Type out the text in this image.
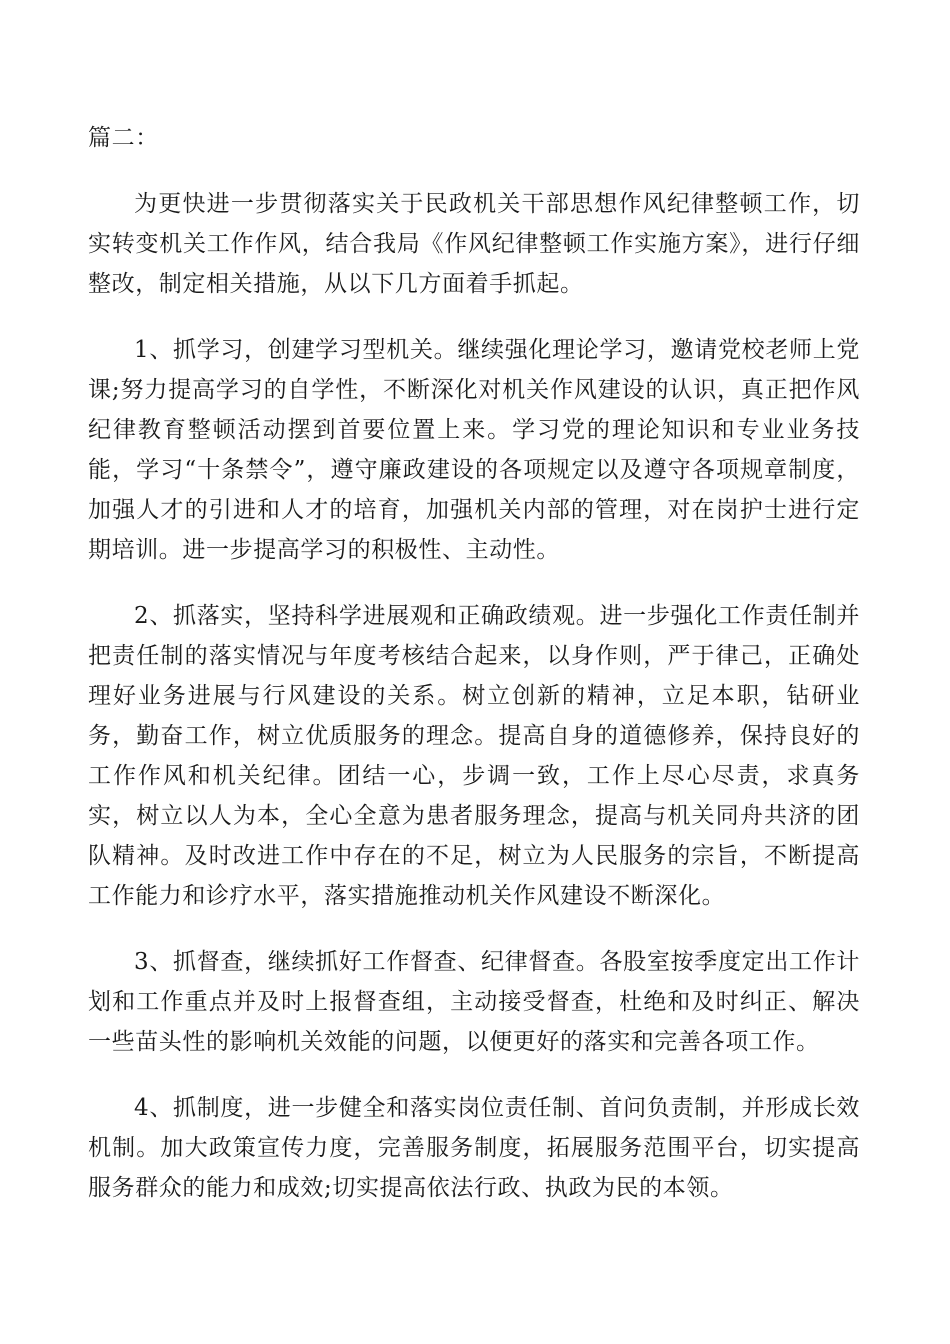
篇二：

为更快进一步贯彻落实关于民政机关干部思想作风纪律整顿工作，切实转变机关工作作风，结合我局《作风纪律整顿工作实施方案》，进行仔细整改，制定相关措施，从以下几方面着手抓起。

1、抓学习，创建学习型机关。继续强化理论学习，邀请党校老师上党课;努力提高学习的自学性，不断深化对机关作风建设的认识，真正把作风纪律教育整顿活动摆到首要位置上来。学习党的理论知识和专业业务技能，学习“十条禁令”，遵守廉政建设的各项规定以及遵守各项规章制度，加强人才的引进和人才的培育，加强机关内部的管理，对在岗护士进行定期培训。进一步提高学习的积极性、主动性。

2、抓落实，坚持科学进展观和正确政绩观。进一步强化工作责任制并把责任制的落实情况与年度考核结合起来，以身作则，严于律己，正确处理好业务进展与行风建设的关系。树立创新的精神，立足本职，钻研业务，勤奋工作，树立优质服务的理念。提高自身的道德修养，保持良好的工作作风和机关纪律。团结一心，步调一致，工作上尽心尽责，求真务实，树立以人为本，全心全意为患者服务理念，提高与机关同舟共济的团队精神。及时改进工作中存在的不足，树立为人民服务的宗旨，不断提高工作能力和诊疗水平，落实措施推动机关作风建设不断深化。

3、抓督查，继续抓好工作督查、纪律督查。各股室按季度定出工作计划和工作重点并及时上报督查组，主动接受督查，杜绝和及时纠正、解决一些苗头性的影响机关效能的问题，以便更好的落实和完善各项工作。

4、抓制度，进一步健全和落实岗位责任制、首问负责制，并形成长效机制。加大政策宣传力度，完善服务制度，拓展服务范围平台，切实提高服务群众的能力和成效;切实提高依法行政、执政为民的本领。
